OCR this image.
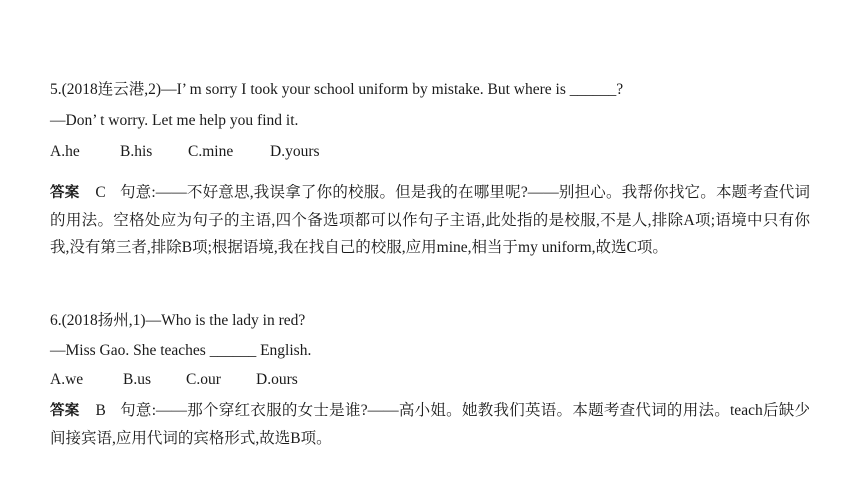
5.(2018连云港,2)—I’ m sorry I took your school uniform by mistake. But where is ______?
—Don’ t worry. Let me help you find it.
A.he	B.his C.mine D.yours
答案 C 句意:——不好意思,我误拿了你的校服。但是我的在哪里呢?——别担心。我帮你找它。本题考查代词的用法。空格处应为句子的主语,四个备选项都可以作句子主语,此处指的是校服,不是人,排除A项;语境中只有你我,没有第三者,排除B项;根据语境,我在找自己的校服,应用mine,相当于my uniform,故选C项。
6.(2018扬州,1)—Who is the lady in red?
—Miss Gao. She teaches ______ English.
A.we	B.us C.our D.ours
答案 B 句意:——那个穿红衣服的女士是谁?——高小姐。她教我们英语。本题考查代词的用法。teach后缺少间接宾语,应用代词的宾格形式,故选B项。
